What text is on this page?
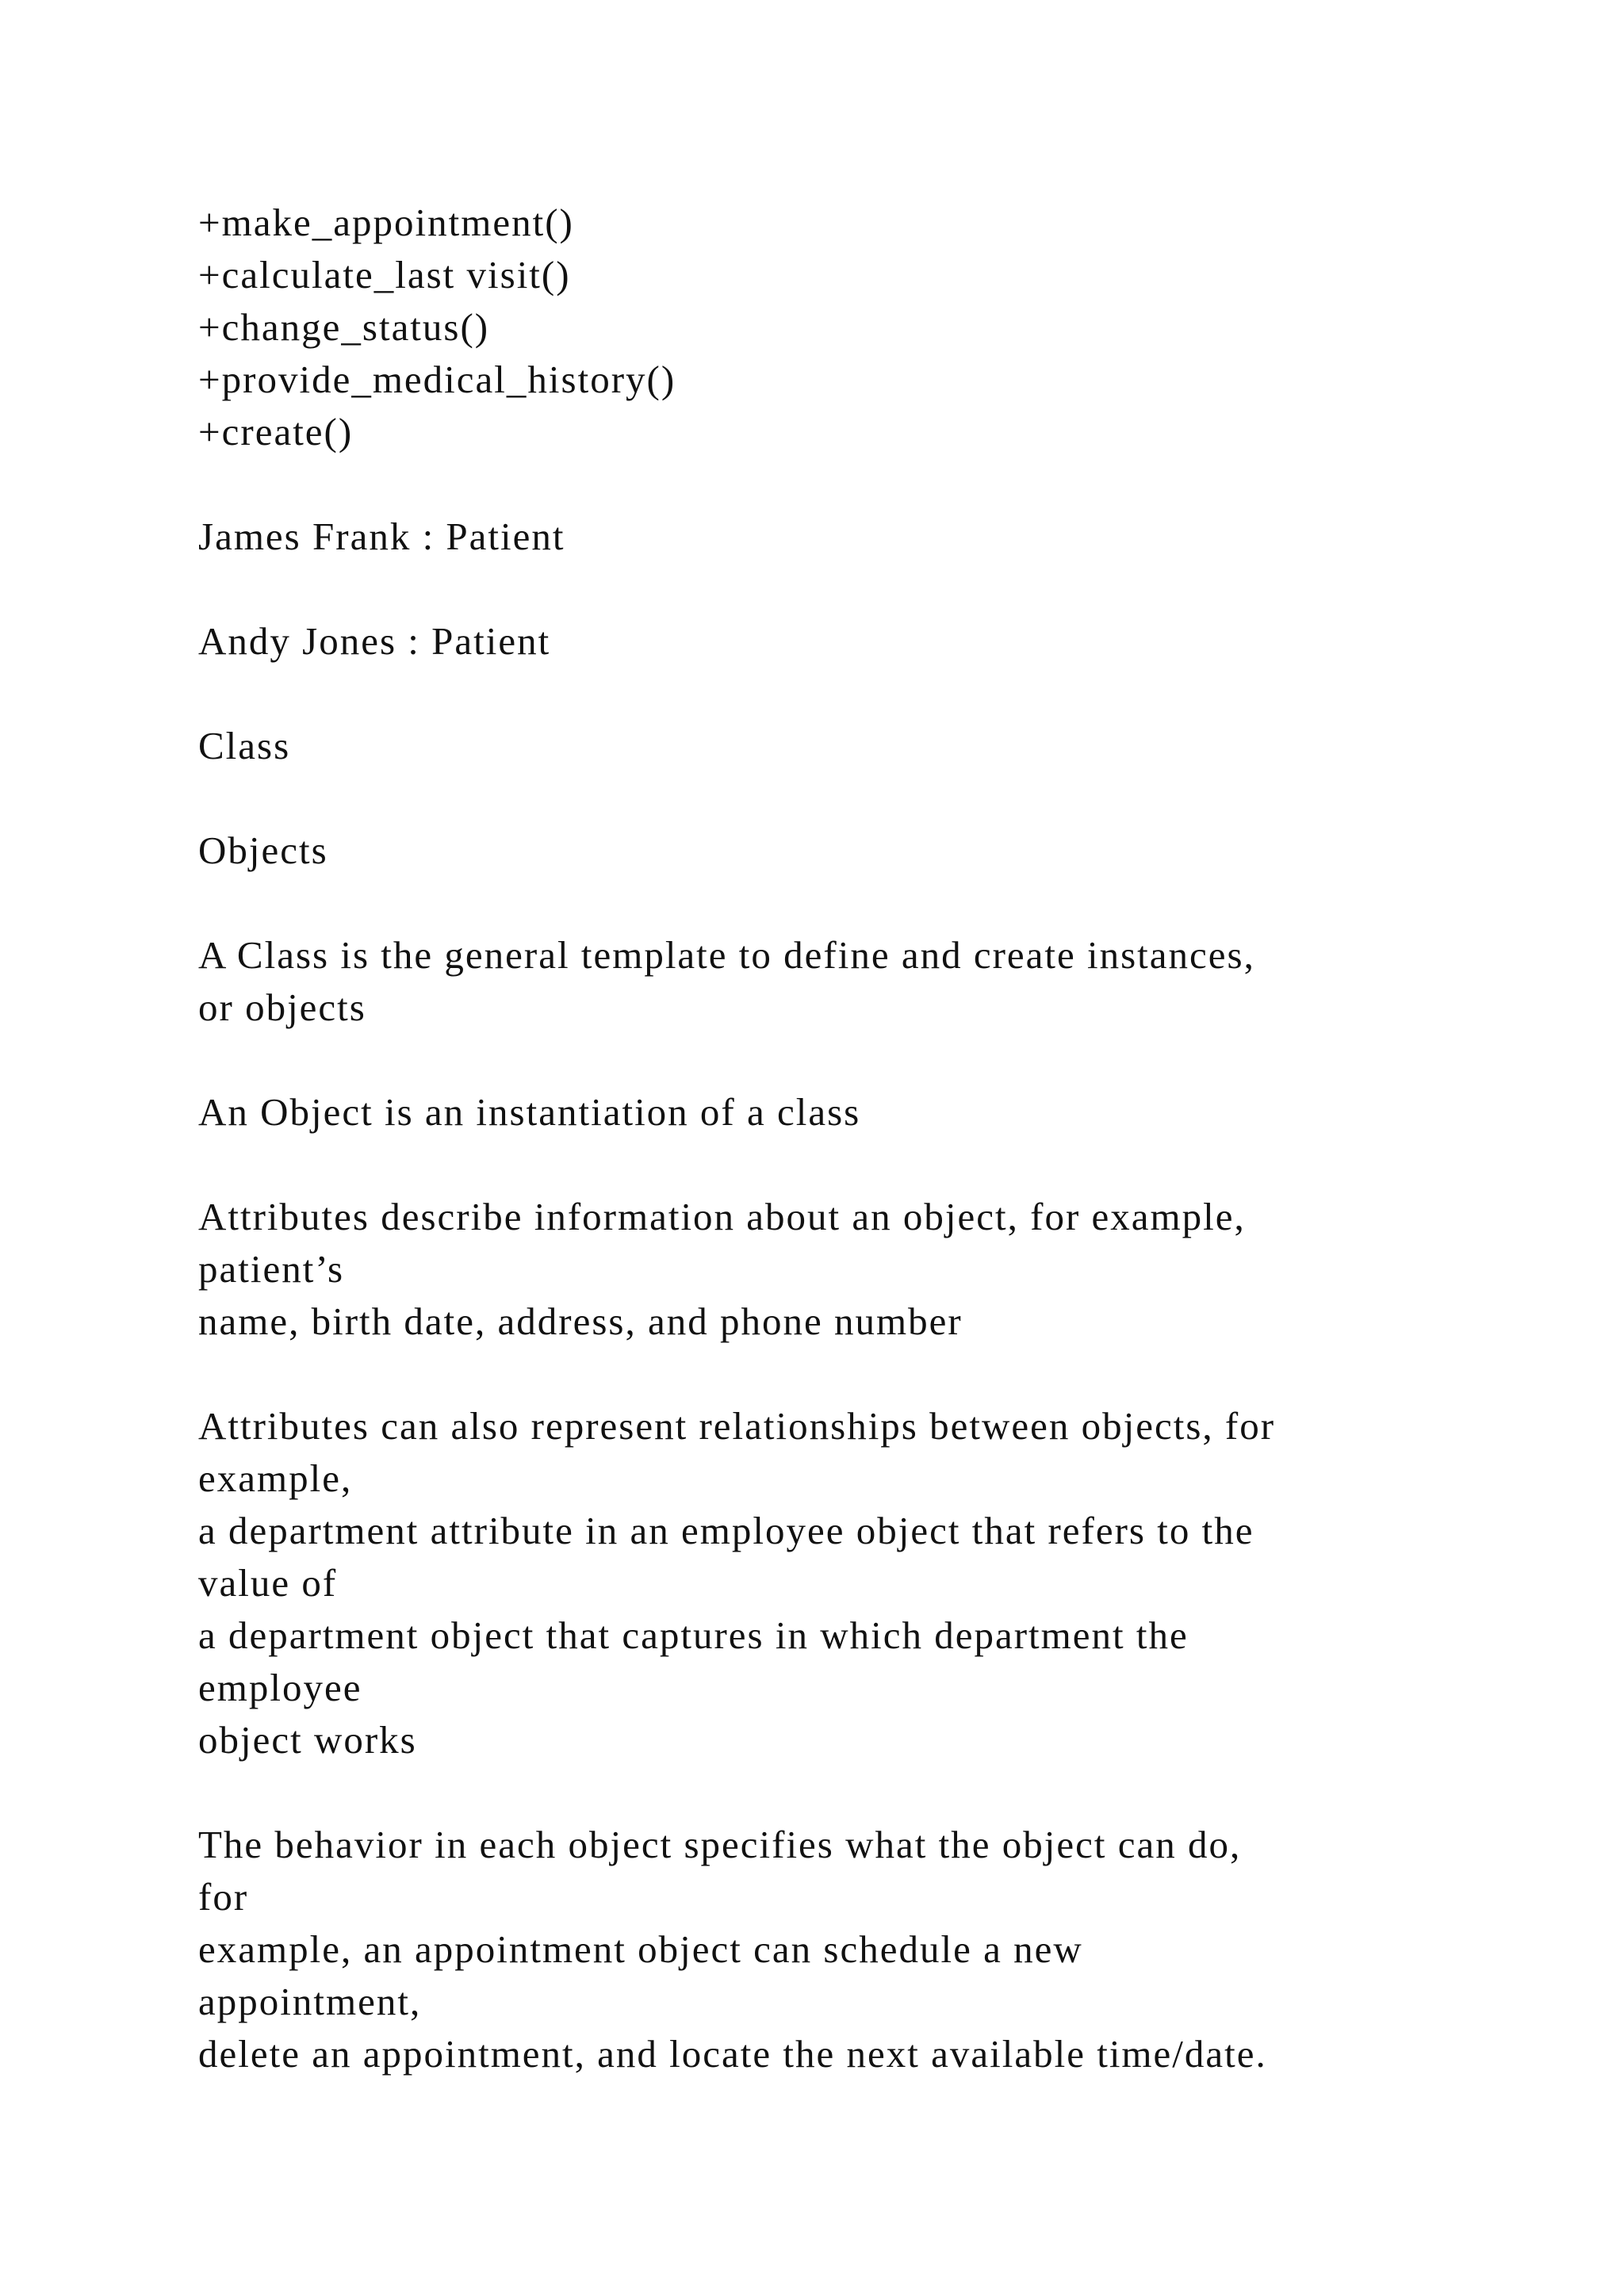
+make_appointment()
+calculate_last visit()
+change_status()
+provide_medical_history()
+create()
James Frank : Patient
Andy Jones : Patient
Class
Objects
A Class is the general template to define and create instances,
or objects
An Object is an instantiation of a class
Attributes describe information about an object, for example,
patient’s
name, birth date, address, and phone number
Attributes can also represent relationships between objects, for
example,
a department attribute in an employee object that refers to the
value of
a department object that captures in which department the
employee
object works
The behavior in each object specifies what the object can do,
for
example, an appointment object can schedule a new
appointment,
delete an appointment, and locate the next available time/date.
